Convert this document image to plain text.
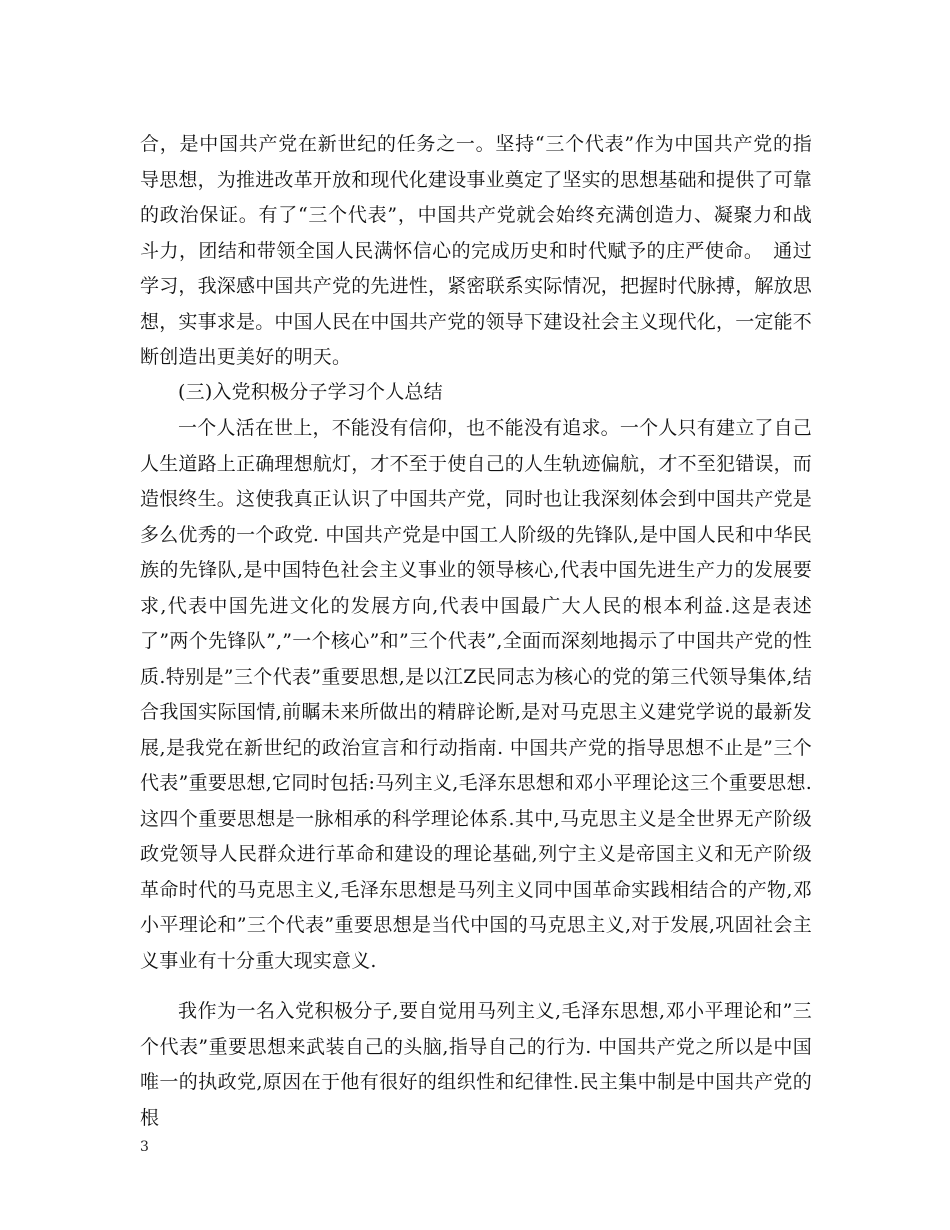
合，是中国共产党在新世纪的任务之一。坚持“三个代表”作为中国共产党的指导思想，为推进改革开放和现代化建设事业奠定了坚实的思想基础和提供了可靠的政治保证。有了“三个代表”，中国共产党就会始终充满创造力、凝聚力和战斗力，团结和带领全国人民满怀信心的完成历史和时代赋予的庄严使命。　通过学习，我深感中国共产党的先进性，紧密联系实际情况，把握时代脉搏，解放思想，实事求是。中国人民在中国共产党的领导下建设社会主义现代化，一定能不断创造出更美好的明天。

(三)入党积极分子学习个人总结

一个人活在世上，不能没有信仰，也不能没有追求。一个人只有建立了自己人生道路上正确理想航灯，才不至于使自己的人生轨迹偏航，才不至犯错误，而造恨终生。这使我真正认识了中国共产党，同时也让我深刻体会到中国共产党是多么优秀的一个政党. 中国共产党是中国工人阶级的先锋队,是中国人民和中华民族的先锋队,是中国特色社会主义事业的领导核心,代表中国先进生产力的发展要求,代表中国先进文化的发展方向,代表中国最广大人民的根本利益.这是表述了”两个先锋队”,”一个核心”和”三个代表”,全面而深刻地揭示了中国共产党的性质.特别是”三个代表”重要思想,是以江Z民同志为核心的党的第三代领导集体,结合我国实际国情,前瞩未来所做出的精辟论断,是对马克思主义建党学说的最新发展,是我党在新世纪的政治宣言和行动指南. 中国共产党的指导思想不止是”三个代表”重要思想,它同时包括:马列主义,毛泽东思想和邓小平理论这三个重要思想.这四个重要思想是一脉相承的科学理论体系.其中,马克思主义是全世界无产阶级政党领导人民群众进行革命和建设的理论基础,列宁主义是帝国主义和无产阶级革命时代的马克思主义,毛泽东思想是马列主义同中国革命实践相结合的产物,邓小平理论和”三个代表”重要思想是当代中国的马克思主义,对于发展,巩固社会主义事业有十分重大现实意义.

我作为一名入党积极分子,要自觉用马列主义,毛泽东思想,邓小平理论和”三个代表”重要思想来武装自己的头脑,指导自己的行为. 中国共产党之所以是中国唯一的执政党,原因在于他有很好的组织性和纪律性.民主集中制是中国共产党的根

3
